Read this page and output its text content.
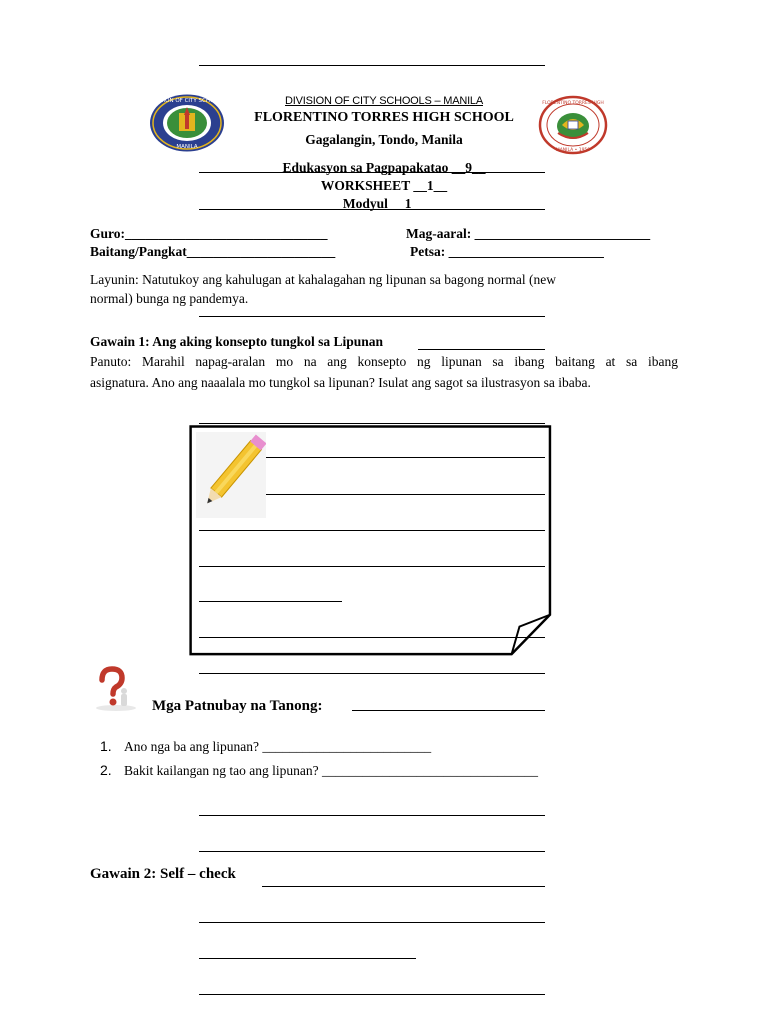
DIVISION OF CITY SCHOOLS
MANILA
FLORENTINO TORRES HIGH
MANILA • 1950
DIVISION OF CITY SCHOOLS – MANILA
FLORENTINO TORRES HIGH SCHOOL
Gagalangin, Tondo, Manila
Edukasyon sa Pagpapakatao __9__
WORKSHEET __1__
Modyul __1__
Guro:______________________________	Mag-aaral: __________________________
Baitang/Pangkat______________________	Petsa: _______________________
Layunin: Natutukoy ang kahulugan at kahalagahan ng lipunan sa bagong normal (new
normal) bunga ng pandemya.
Gawain 1: Ang aking konsepto tungkol sa Lipunan
Panuto: Marahil napag-aralan mo na ang konsepto ng lipunan sa ibang baitang at sa ibang
asignatura. Ano ang naaalala mo tungkol sa lipunan? Isulat ang sagot sa ilustrasyon sa ibaba.
Mga Patnubay na Tanong:
1. Ano nga ba ang lipunan? _________________________
2. Bakit kailangan ng tao ang lipunan? ________________________________
Gawain 2: Self – check
